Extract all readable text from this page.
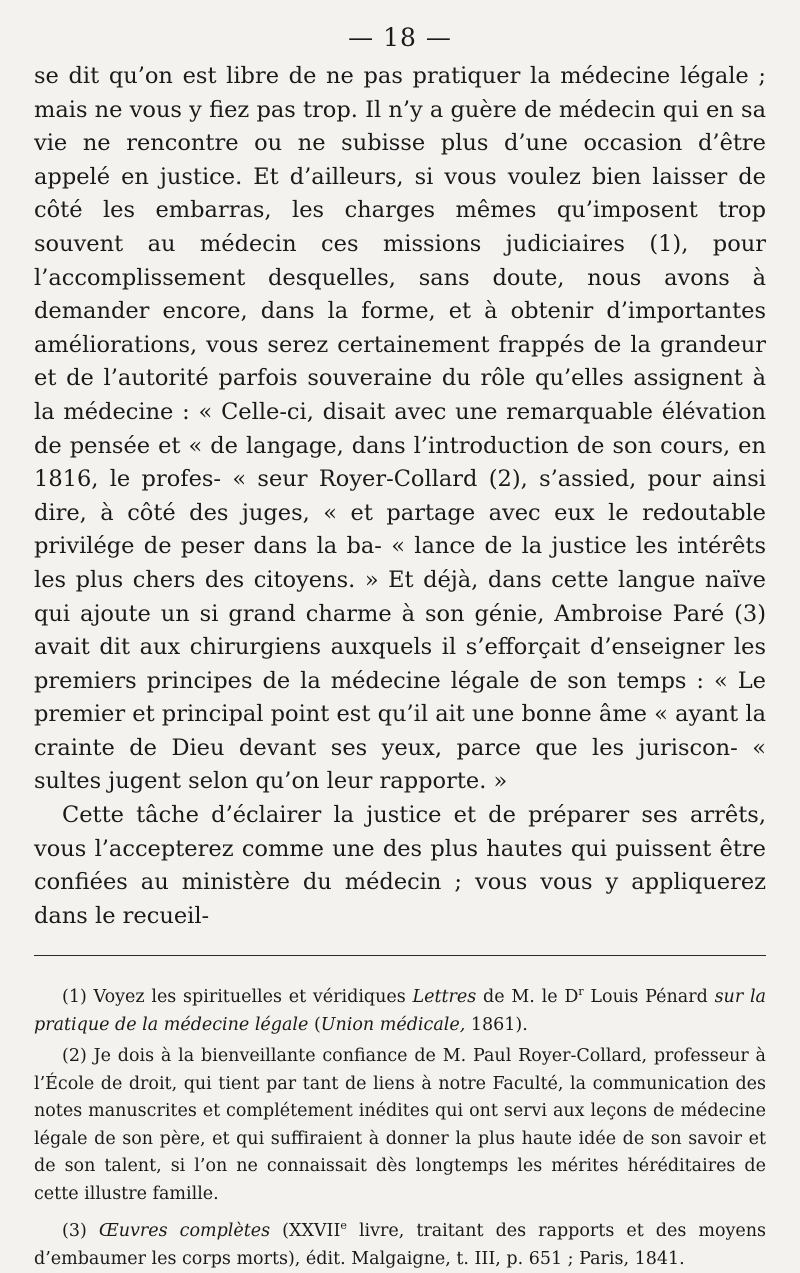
— 18 —

se dit qu’on est libre de ne pas pratiquer la médecine légale ; mais ne vous y fiez pas trop. Il n’y a guère de médecin qui en sa vie ne rencontre ou ne subisse plus d’une occasion d’être appelé en justice. Et d’ailleurs, si vous voulez bien laisser de côté les embarras, les charges mêmes qu’imposent trop souvent au médecin ces missions judiciaires (1), pour l’accomplissement desquelles, sans doute, nous avons à demander encore, dans la forme, et à obtenir d’importantes améliorations, vous serez certainement frappés de la grandeur et de l’autorité parfois souveraine du rôle qu’elles assignent à la médecine : « Celle-ci, disait avec une remarquable élévation de pensée et « de langage, dans l’introduction de son cours, en 1816, le profes- « seur Royer-Collard (2), s’assied, pour ainsi dire, à côté des juges, « et partage avec eux le redoutable privilége de peser dans la ba- « lance de la justice les intérêts les plus chers des citoyens. » Et déjà, dans cette langue naïve qui ajoute un si grand charme à son génie, Ambroise Paré (3) avait dit aux chirurgiens auxquels il s’efforçait d’enseigner les premiers principes de la médecine légale de son temps : « Le premier et principal point est qu’il ait une bonne âme « ayant la crainte de Dieu devant ses yeux, parce que les juriscon- « sultes jugent selon qu’on leur rapporte. »

Cette tâche d’éclairer la justice et de préparer ses arrêts, vous l’accepterez comme une des plus hautes qui puissent être confiées au ministère du médecin ; vous vous y appliquerez dans le recueil-

(1) Voyez les spirituelles et véridiques Lettres de M. le $D^r$ Louis Pénard sur la pratique de la médecine légale (Union médicale, 1861).

(2) Je dois à la bienveillante confiance de M. Paul Royer-Collard, professeur à l’École de droit, qui tient par tant de liens à notre Faculté, la communication des notes manuscrites et complétement inédites qui ont servi aux leçons de médecine légale de son père, et qui suffiraient à donner la plus haute idée de son savoir et de son talent, si l’on ne connaissait dès longtemps les mérites héréditaires de cette illustre famille.

(3) Œuvres complètes (XXVIIe livre, traitant des rapports et des moyens d’embaumer les corps morts), édit. Malgaigne, t. III, p. 651 ; Paris, 1841.
